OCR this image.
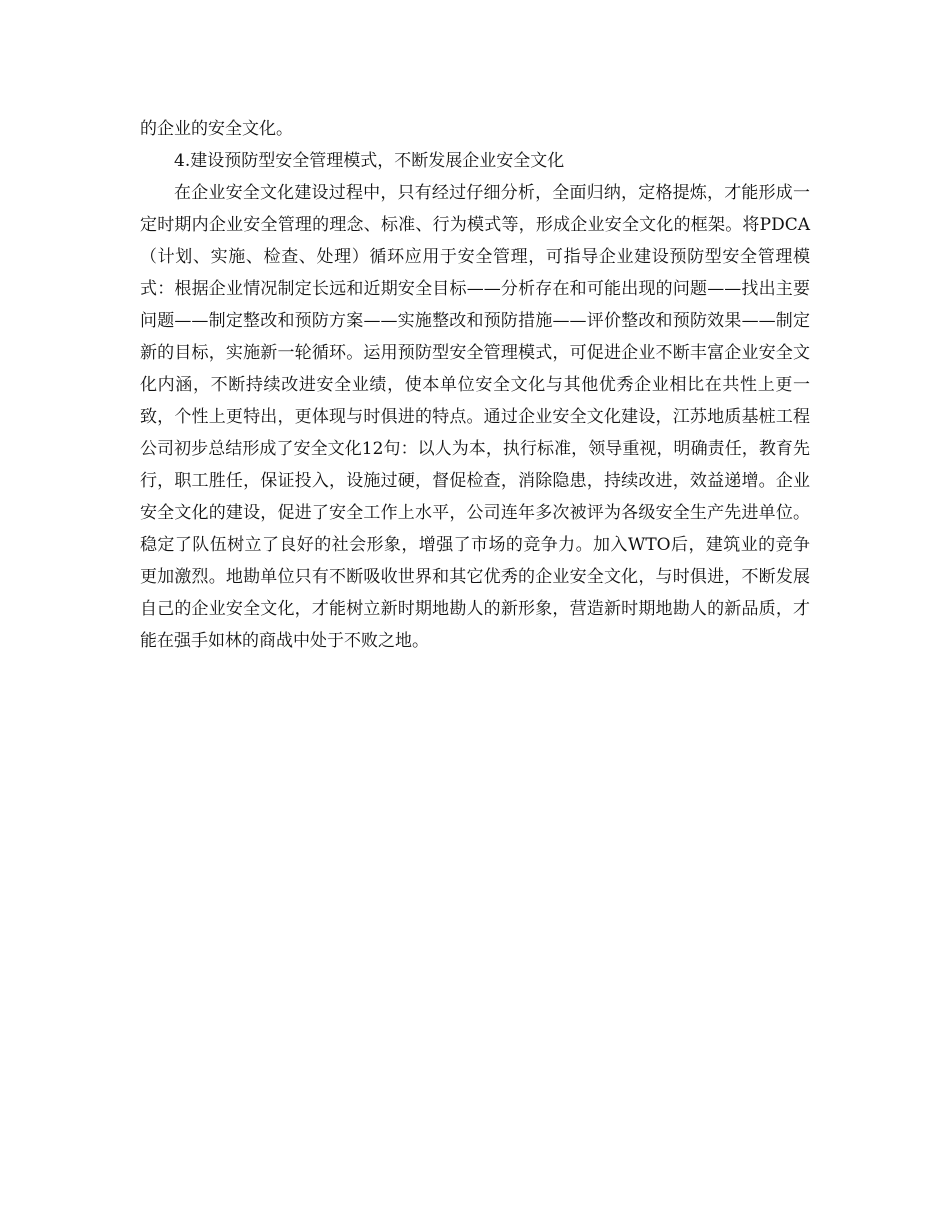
的企业的安全文化。

4.建设预防型安全管理模式，不断发展企业安全文化

在企业安全文化建设过程中，只有经过仔细分析，全面归纳，定格提炼，才能形成一定时期内企业安全管理的理念、标准、行为模式等，形成企业安全文化的框架。将PDCA（计划、实施、检查、处理）循环应用于安全管理，可指导企业建设预防型安全管理模式：根据企业情况制定长远和近期安全目标——分析存在和可能出现的问题——找出主要问题——制定整改和预防方案——实施整改和预防措施——评价整改和预防效果——制定新的目标，实施新一轮循环。运用预防型安全管理模式，可促进企业不断丰富企业安全文化内涵，不断持续改进安全业绩，使本单位安全文化与其他优秀企业相比在共性上更一致，个性上更特出，更体现与时俱进的特点。通过企业安全文化建设，江苏地质基桩工程公司初步总结形成了安全文化12句：以人为本，执行标准，领导重视，明确责任，教育先行，职工胜任，保证投入，设施过硬，督促检查，消除隐患，持续改进，效益递增。企业安全文化的建设，促进了安全工作上水平，公司连年多次被评为各级安全生产先进单位。稳定了队伍树立了良好的社会形象，增强了市场的竞争力。加入WTO后，建筑业的竞争更加激烈。地勘单位只有不断吸收世界和其它优秀的企业安全文化，与时俱进，不断发展自己的企业安全文化，才能树立新时期地勘人的新形象，营造新时期地勘人的新品质，才能在强手如林的商战中处于不败之地。
